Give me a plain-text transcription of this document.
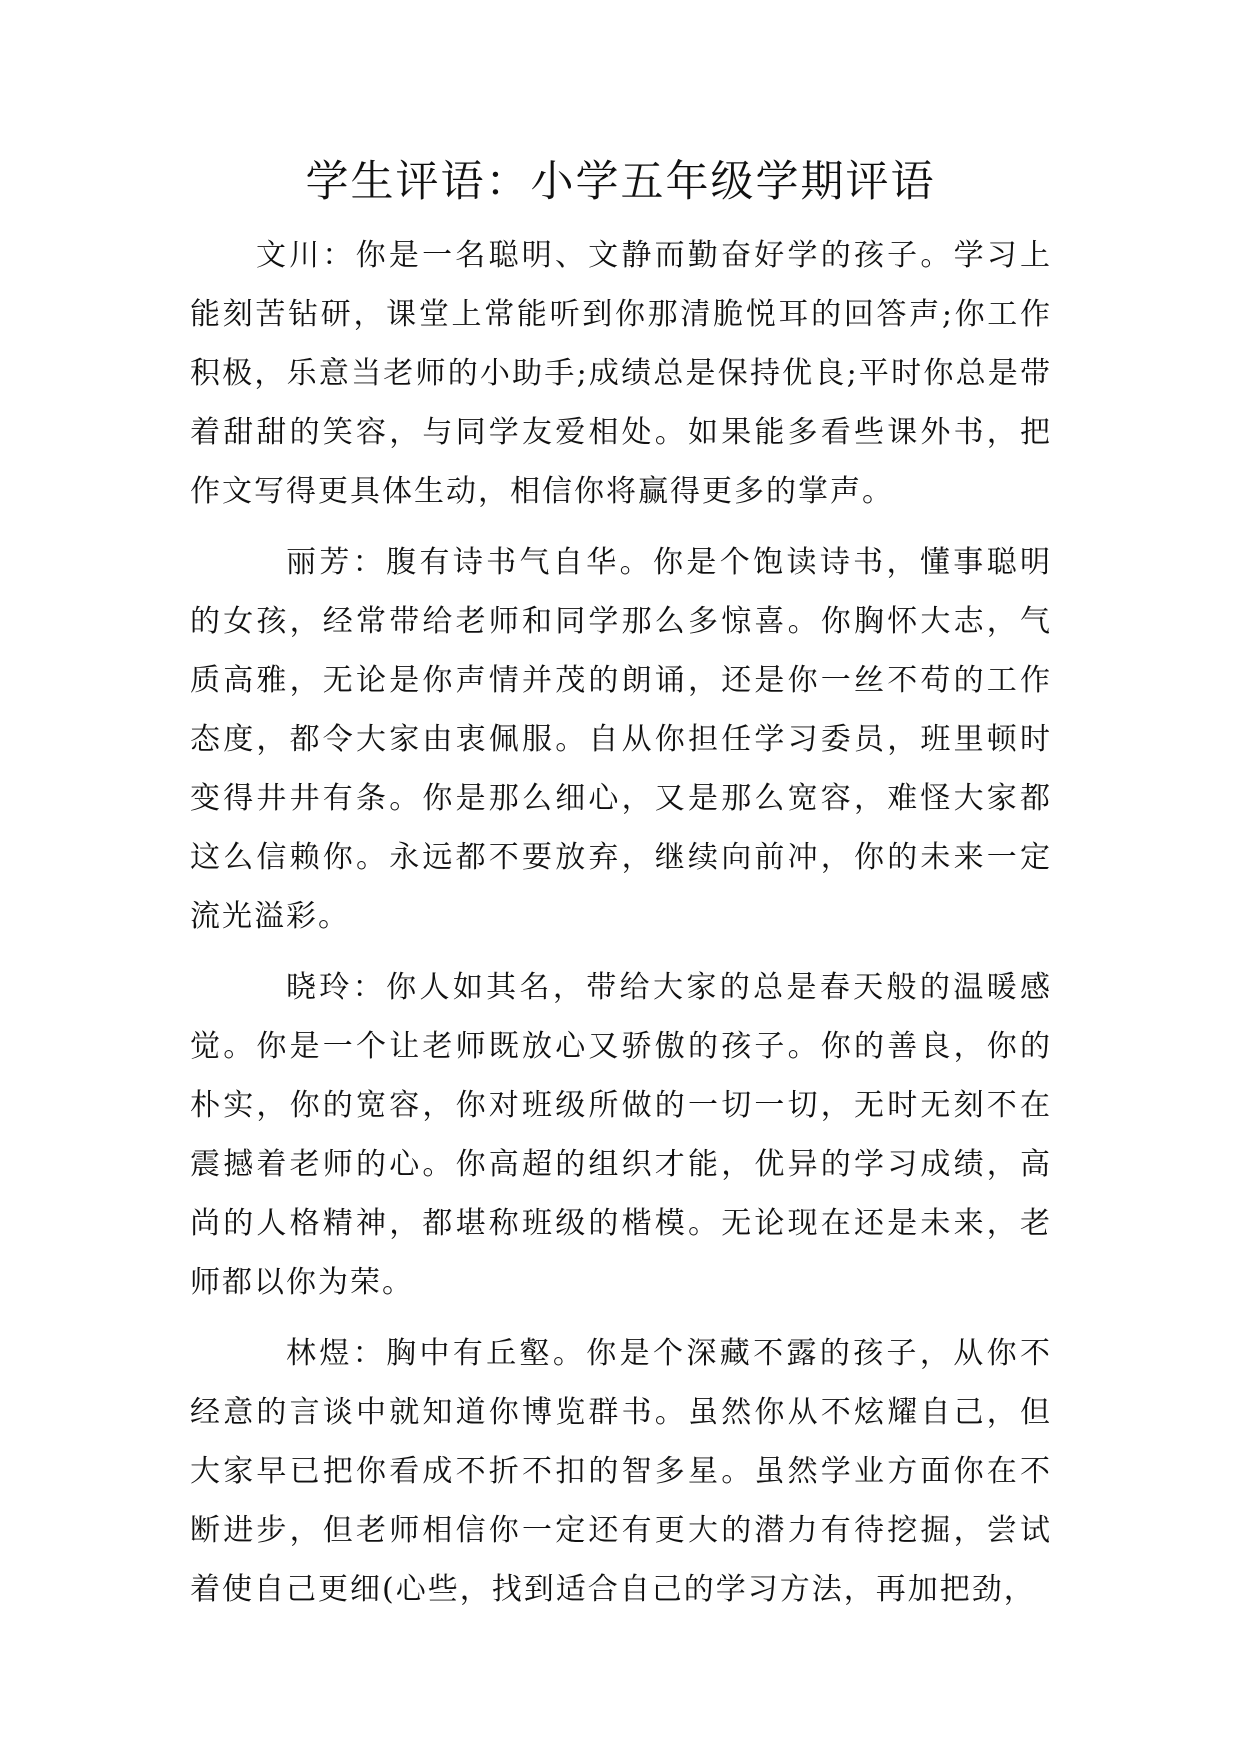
学生评语：小学五年级学期评语

文川：你是一名聪明、文静而勤奋好学的孩子。学习上能刻苦钻研，课堂上常能听到你那清脆悦耳的回答声;你工作积极，乐意当老师的小助手;成绩总是保持优良;平时你总是带着甜甜的笑容，与同学友爱相处。如果能多看些课外书，把作文写得更具体生动，相信你将赢得更多的掌声。

丽芳：腹有诗书气自华。你是个饱读诗书，懂事聪明的女孩，经常带给老师和同学那么多惊喜。你胸怀大志，气质高雅，无论是你声情并茂的朗诵，还是你一丝不苟的工作态度，都令大家由衷佩服。自从你担任学习委员，班里顿时变得井井有条。你是那么细心，又是那么宽容，难怪大家都这么信赖你。永远都不要放弃，继续向前冲，你的未来一定流光溢彩。

晓玲：你人如其名，带给大家的总是春天般的温暖感觉。你是一个让老师既放心又骄傲的孩子。你的善良，你的朴实，你的宽容，你对班级所做的一切一切，无时无刻不在震撼着老师的心。你高超的组织才能，优异的学习成绩，高尚的人格精神，都堪称班级的楷模。无论现在还是未来，老师都以你为荣。

林煜：胸中有丘壑。你是个深藏不露的孩子，从你不经意的言谈中就知道你博览群书。虽然你从不炫耀自己，但大家早已把你看成不折不扣的智多星。虽然学业方面你在不断进步，但老师相信你一定还有更大的潜力有待挖掘，尝试着使自己更细(心些，找到适合自己的学习方法，再加把劲，
